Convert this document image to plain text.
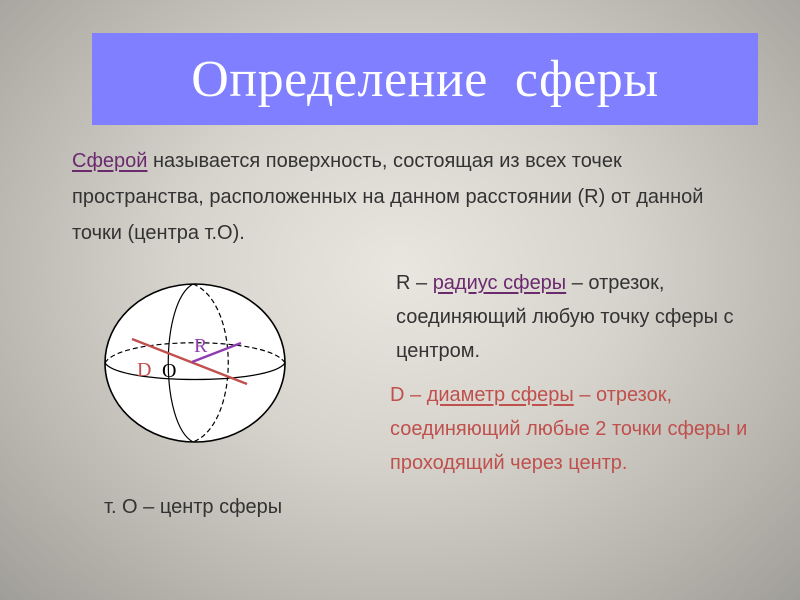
Определение  сферы
Сферой называется поверхность, состоящая из всех точек пространства, расположенных на данном расстоянии (R) от данной точки (центра т.О).
R – радиус сферы – отрезок, соединяющий любую точку сферы с центром.
D – диаметр сферы – отрезок, соединяющий любые 2 точки сферы и проходящий через центр.
R
D O
т. О – центр сферы
